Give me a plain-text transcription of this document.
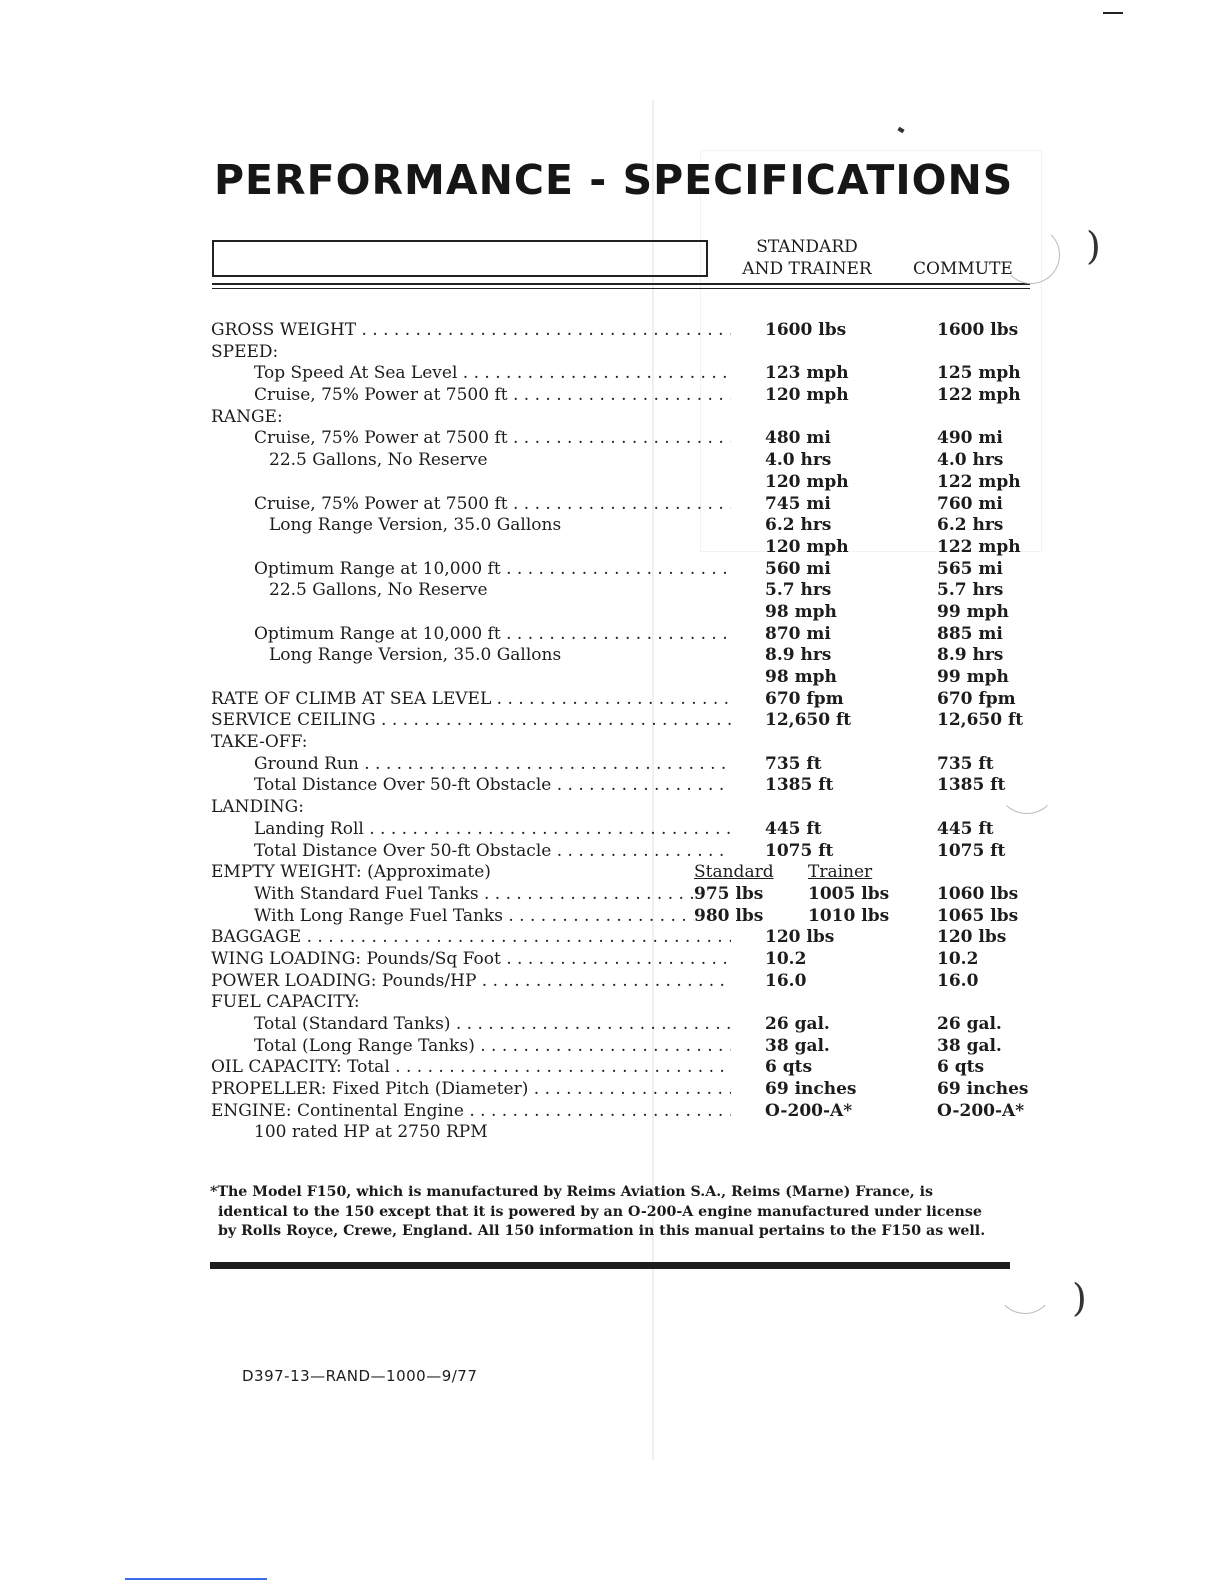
PERFORMANCE - SPECIFICATIONS
STANDARD
AND TRAINER	COMMUTE
)
)
GROSS WEIGHT . . .	1600 lbs	1600 lbs
SPEED:
Top Speed At Sea Level . . .	123 mph	125 mph
Cruise, 75% Power at 7500 ft . . .	120 mph	122 mph
RANGE:
Cruise, 75% Power at 7500 ft . . .	480 mi	490 mi
22.5 Gallons, No Reserve	4.0 hrs	4.0 hrs
120 mph	122 mph
Cruise, 75% Power at 7500 ft . . .	745 mi	760 mi
Long Range Version, 35.0 Gallons	6.2 hrs	6.2 hrs
120 mph	122 mph
Optimum Range at 10,000 ft . . .	560 mi	565 mi
22.5 Gallons, No Reserve	5.7 hrs	5.7 hrs
98 mph	99 mph
Optimum Range at 10,000 ft . . .	870 mi	885 mi
Long Range Version, 35.0 Gallons	8.9 hrs	8.9 hrs
98 mph	99 mph
RATE OF CLIMB AT SEA LEVEL . . .	670 fpm	670 fpm
SERVICE CEILING . . .	12,650 ft	12,650 ft
TAKE-OFF:
Ground Run . . .	735 ft	735 ft
Total Distance Over 50-ft Obstacle . . .	1385 ft	1385 ft
LANDING:
Landing Roll . . .	445 ft	445 ft
Total Distance Over 50-ft Obstacle . . .	1075 ft	1075 ft
EMPTY WEIGHT: (Approximate)	Standard Trainer
With Standard Fuel Tanks . . .	975 lbs	1005 lbs	1060 lbs
With Long Range Fuel Tanks . . .	980 lbs	1010 lbs	1065 lbs
BAGGAGE . . .	120 lbs	120 lbs
WING LOADING: Pounds/Sq Foot . . .	10.2	10.2
POWER LOADING: Pounds/HP . . .	16.0	16.0
FUEL CAPACITY:
Total (Standard Tanks) . . .	26 gal.	26 gal.
Total (Long Range Tanks) . . .	38 gal.	38 gal.
OIL CAPACITY: Total . . .	6 qts	6 qts
PROPELLER: Fixed Pitch (Diameter) . . .	69 inches	69 inches
ENGINE: Continental Engine . . .	O-200-A*	O-200-A*
100 rated HP at 2750 RPM

*The Model F150, which is manufactured by Reims Aviation S.A., Reims (Marne) France, is
identical to the 150 except that it is powered by an O-200-A engine manufactured under license
by Rolls Royce, Crewe, England. All 150 information in this manual pertains to the F150 as well.

D397-13—RAND—1000—9/77
